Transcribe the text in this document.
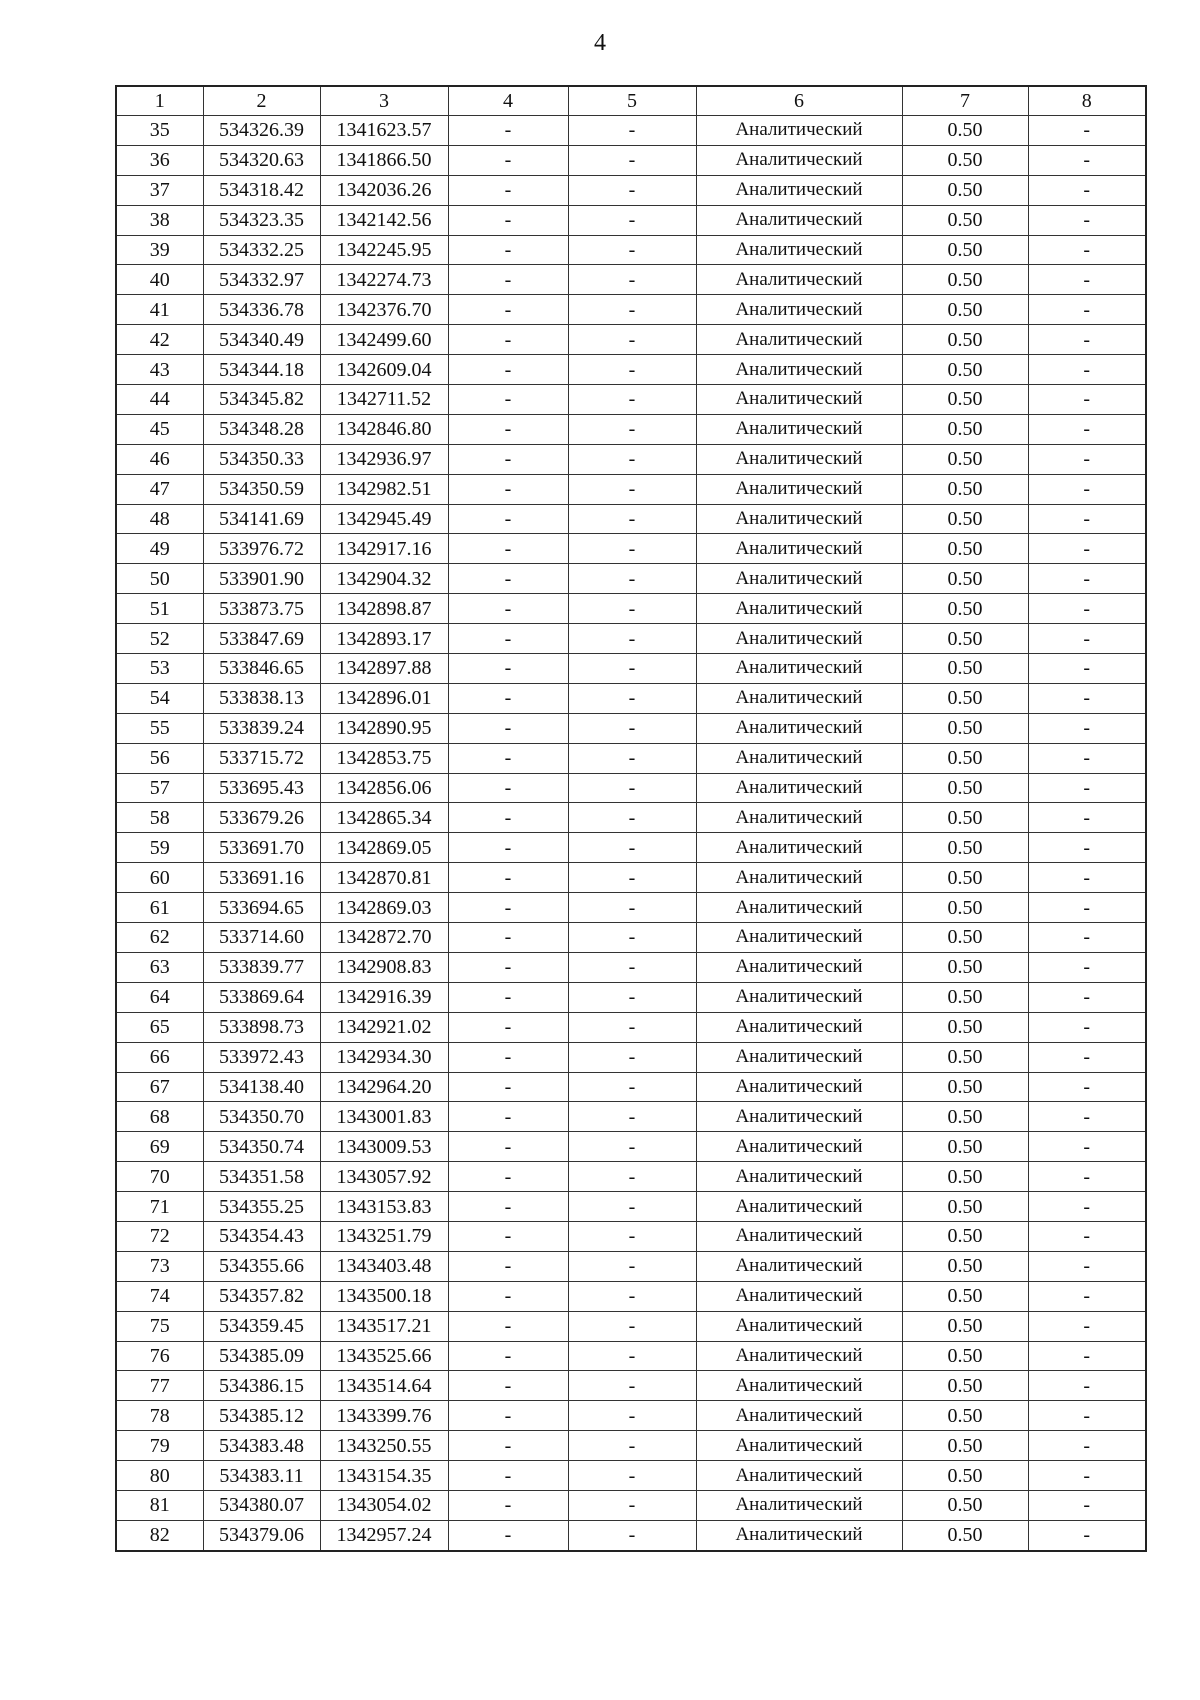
4
1	2	3	4	5	6	7	8
35	534326.39	1341623.57	-	-	Аналитический	0.50	-
36	534320.63	1341866.50	-	-	Аналитический	0.50	-
37	534318.42	1342036.26	-	-	Аналитический	0.50	-
38	534323.35	1342142.56	-	-	Аналитический	0.50	-
39	534332.25	1342245.95	-	-	Аналитический	0.50	-
40	534332.97	1342274.73	-	-	Аналитический	0.50	-
41	534336.78	1342376.70	-	-	Аналитический	0.50	-
42	534340.49	1342499.60	-	-	Аналитический	0.50	-
43	534344.18	1342609.04	-	-	Аналитический	0.50	-
44	534345.82	1342711.52	-	-	Аналитический	0.50	-
45	534348.28	1342846.80	-	-	Аналитический	0.50	-
46	534350.33	1342936.97	-	-	Аналитический	0.50	-
47	534350.59	1342982.51	-	-	Аналитический	0.50	-
48	534141.69	1342945.49	-	-	Аналитический	0.50	-
49	533976.72	1342917.16	-	-	Аналитический	0.50	-
50	533901.90	1342904.32	-	-	Аналитический	0.50	-
51	533873.75	1342898.87	-	-	Аналитический	0.50	-
52	533847.69	1342893.17	-	-	Аналитический	0.50	-
53	533846.65	1342897.88	-	-	Аналитический	0.50	-
54	533838.13	1342896.01	-	-	Аналитический	0.50	-
55	533839.24	1342890.95	-	-	Аналитический	0.50	-
56	533715.72	1342853.75	-	-	Аналитический	0.50	-
57	533695.43	1342856.06	-	-	Аналитический	0.50	-
58	533679.26	1342865.34	-	-	Аналитический	0.50	-
59	533691.70	1342869.05	-	-	Аналитический	0.50	-
60	533691.16	1342870.81	-	-	Аналитический	0.50	-
61	533694.65	1342869.03	-	-	Аналитический	0.50	-
62	533714.60	1342872.70	-	-	Аналитический	0.50	-
63	533839.77	1342908.83	-	-	Аналитический	0.50	-
64	533869.64	1342916.39	-	-	Аналитический	0.50	-
65	533898.73	1342921.02	-	-	Аналитический	0.50	-
66	533972.43	1342934.30	-	-	Аналитический	0.50	-
67	534138.40	1342964.20	-	-	Аналитический	0.50	-
68	534350.70	1343001.83	-	-	Аналитический	0.50	-
69	534350.74	1343009.53	-	-	Аналитический	0.50	-
70	534351.58	1343057.92	-	-	Аналитический	0.50	-
71	534355.25	1343153.83	-	-	Аналитический	0.50	-
72	534354.43	1343251.79	-	-	Аналитический	0.50	-
73	534355.66	1343403.48	-	-	Аналитический	0.50	-
74	534357.82	1343500.18	-	-	Аналитический	0.50	-
75	534359.45	1343517.21	-	-	Аналитический	0.50	-
76	534385.09	1343525.66	-	-	Аналитический	0.50	-
77	534386.15	1343514.64	-	-	Аналитический	0.50	-
78	534385.12	1343399.76	-	-	Аналитический	0.50	-
79	534383.48	1343250.55	-	-	Аналитический	0.50	-
80	534383.11	1343154.35	-	-	Аналитический	0.50	-
81	534380.07	1343054.02	-	-	Аналитический	0.50	-
82	534379.06	1342957.24	-	-	Аналитический	0.50	-
